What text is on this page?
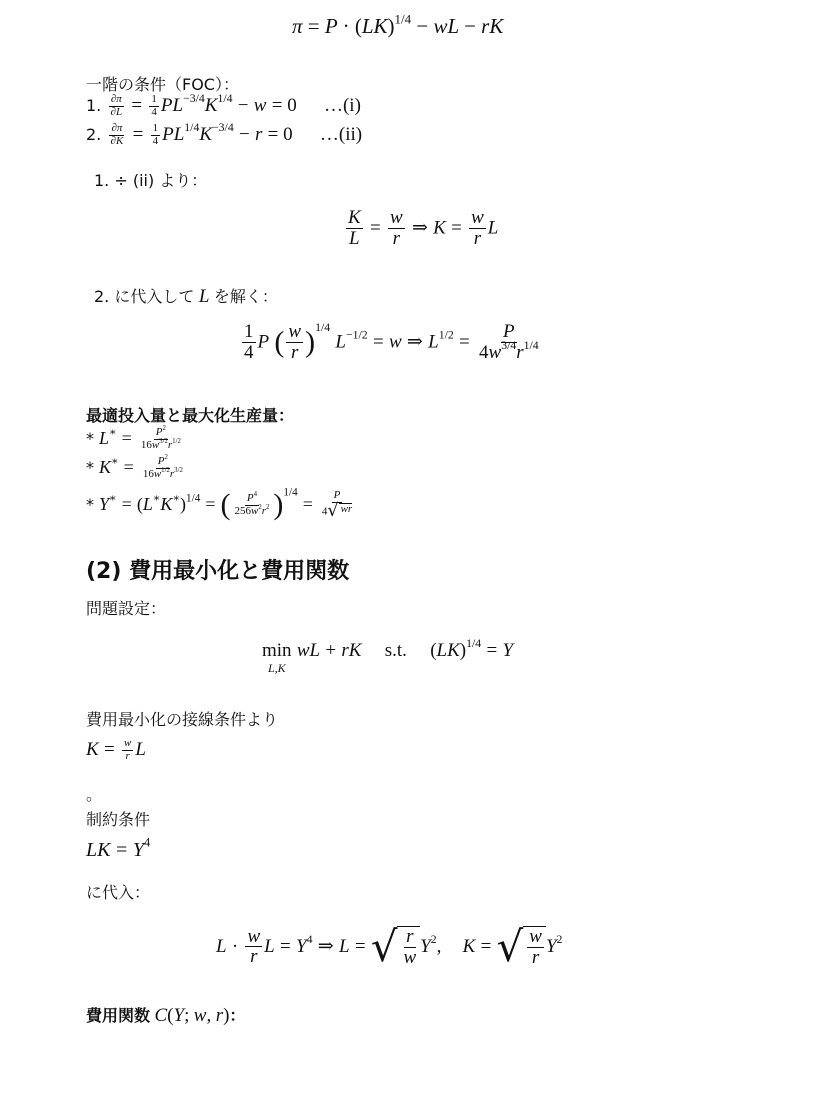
π = P · (LK)$^{1/4}$ − wL − rK
一階の条件（FOC）：
1. $\frac{\partial\pi}{\partial L} = \frac{1}{4} PL^{-3/4}K^{1/4} - w = 0$ …(i)
2. $\frac{\partial\pi}{\partial K} = \frac{1}{4} PL^{1/4}K^{-3/4} - r = 0$ …(ii)
1. ÷ (ii) より：
$\frac{K}{L} = \frac{w}{r}$ ⇒ $K = \frac{w}{r}$ L
2. に代入して L を解く：
$\frac{1}{4}$ P ( $\frac{w}{r} )^{1/4}$ $L^{-1/2} = w$ ⇒ $L^{1/2} = \frac{P}{4w^{3/4}r^{1/4}}$
最適投入量と最大化生産量：
* $L^∗ = \frac{P^2}{16w^{3/2}r^{1/2}}$
* $K^∗ = \frac{P^2}{16w^{1/2}r^{3/2}}$
* $Y^∗ = (L^∗K^∗)^{1/4}$ = ( $\frac{P^4}{256w^2r^2} )^{1/4} = \frac{P}{4 √ wr}$
(2) 費用最小化と費用関数
問題設定：
min
L,K
wL + rK s.t. (LK)$^{1/4}$ = Y
費用最小化の接線条件より
$K = \frac{w}{r}$ L
。
制約条件
LK = $Y^4$
に代入：
$L \cdot \frac{w}{r}$ $L = Y^4$ ⇒ L = √ $\frac{r}{w} Y^2$, K = √ $\frac{w}{r} Y^2$
費用関数 C(Y; w, r)：
